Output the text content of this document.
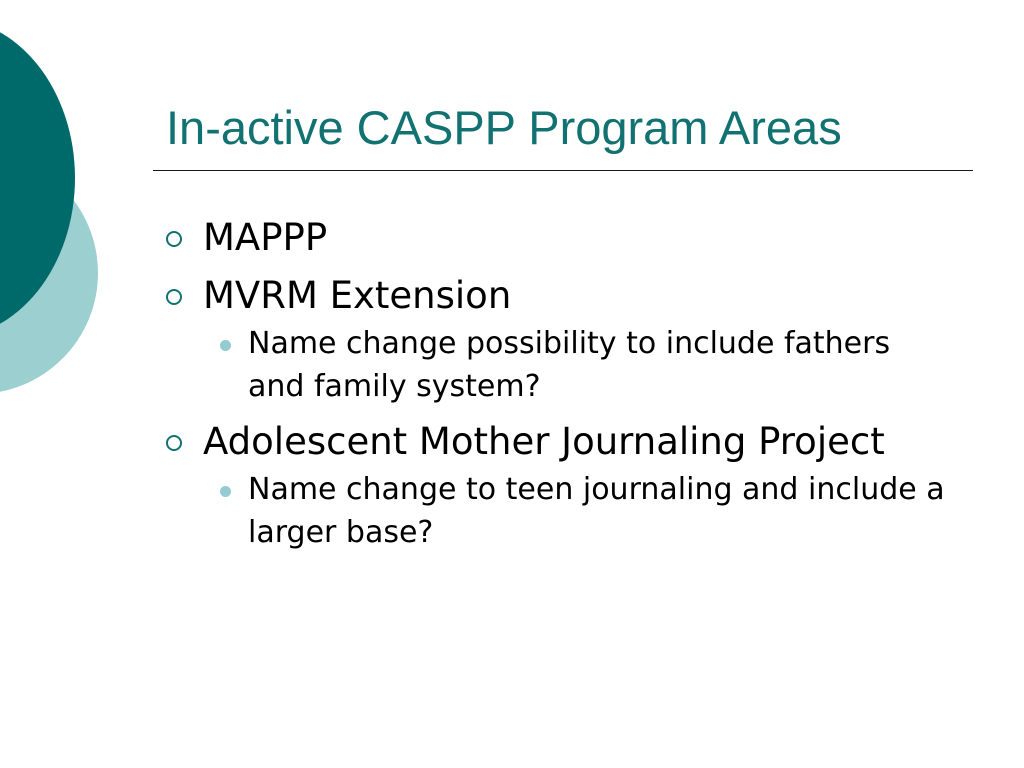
In-active CASPP Program Areas
MAPPP
MVRM Extension
Name change possibility to include fathers and family system?
Adolescent Mother Journaling Project
Name change to teen journaling and include a larger base?
